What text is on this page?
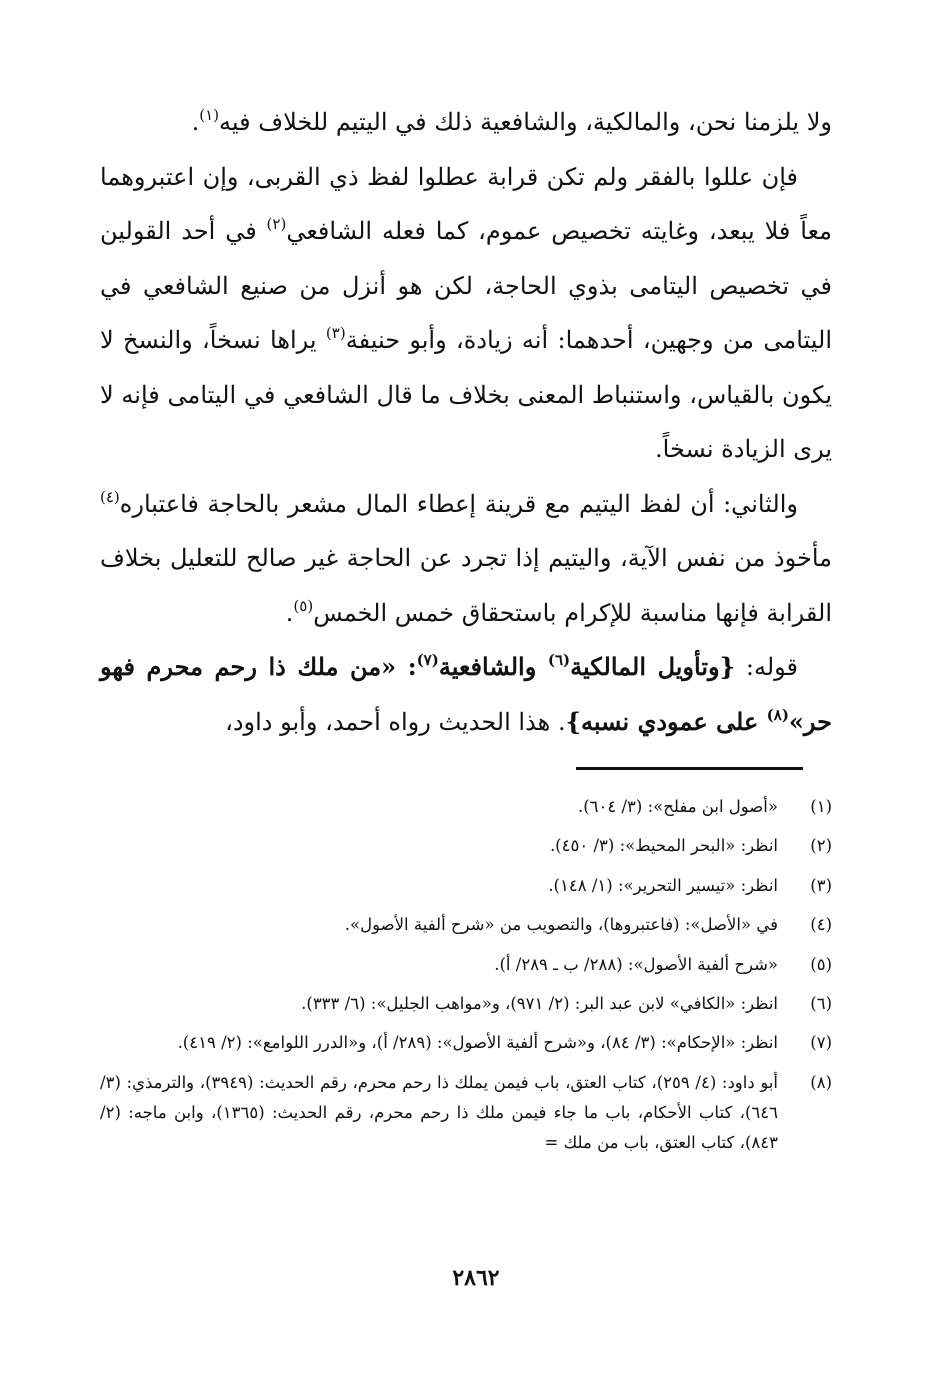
ولا يلزمنا نحن، والمالكية، والشافعية ذلك في اليتيم للخلاف فيه$^{(١)}$.

فإن عللوا بالفقر ولم تكن قرابة عطلوا لفظ ذي القربى، وإن اعتبروهما معاً فلا يبعد، وغايته تخصيص عموم، كما فعله الشافعي$^{(٢)}$ في أحد القولين في تخصيص اليتامى بذوي الحاجة، لكن هو أنزل من صنيع الشافعي في اليتامى من وجهين، أحدهما: أنه زيادة، وأبو حنيفة$^{(٣)}$ يراها نسخاً، والنسخ لا يكون بالقياس، واستنباط المعنى بخلاف ما قال الشافعي في اليتامى فإنه لا يرى الزيادة نسخاً.

والثاني: أن لفظ اليتيم مع قرينة إعطاء المال مشعر بالحاجة فاعتباره$^{(٤)}$ مأخوذ من نفس الآية، واليتيم إذا تجرد عن الحاجة غير صالح للتعليل بخلاف القرابة فإنها مناسبة للإكرام باستحقاق خمس الخمس$^{(٥)}$.

قوله: {وتأويل المالكية$^{(٦)}$ والشافعية$^{(٧)}$: «من ملك ذا رحم محرم فهو حر»$^{(٨)}$ على عمودي نسبه}. هذا الحديث رواه أحمد، وأبو داود،

(١)
«أصول ابن مفلح»: (٣/ ٦٠٤).
(٢)
انظر: «البحر المحيط»: (٣/ ٤٥٠).
(٣)
انظر: «تيسير التحرير»: (١/ ١٤٨).
(٤)
في «الأصل»: (فاعتبروها)، والتصويب من «شرح ألفية الأصول».
(٥)
«شرح ألفية الأصول»: (٢٨٨/ ب ـ ٢٨٩/ أ).
(٦)
انظر: «الكافي» لابن عبد البر: (٢/ ٩٧١)، و«مواهب الجليل»: (٦/ ٣٣٣).
(٧)
انظر: «الإحكام»: (٣/ ٨٤)، و«شرح ألفية الأصول»: (٢٨٩/ أ)، و«الدرر اللوامع»: (٢/ ٤١٩).
(٨)
أبو داود: (٤/ ٢٥٩)، كتاب العتق، باب فيمن يملك ذا رحم محرم، رقم الحديث: (٣٩٤٩)، والترمذي: (٣/ ٦٤٦)، كتاب الأحكام، باب ما جاء فيمن ملك ذا رحم محرم، رقم الحديث: (١٣٦٥)، وابن ماجه: (٢/ ٨٤٣)، كتاب العتق، باب من ملك =
٢٨٦٢
